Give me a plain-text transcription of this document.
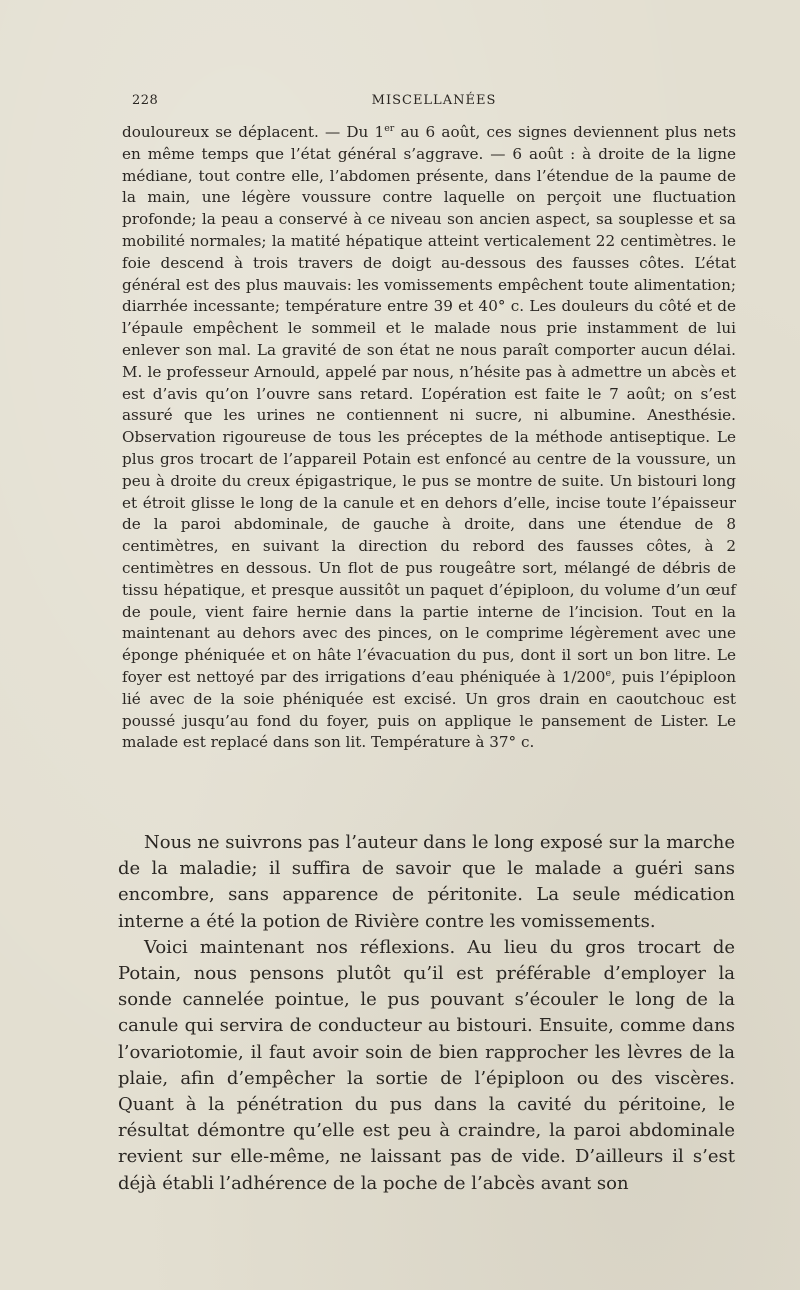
228	MISCELLANÉES

douloureux se déplacent. — Du 1er au 6 août, ces signes deviennent plus nets en même temps que l’état général s’aggrave. — 6 août : à droite de la ligne médiane, tout contre elle, l’abdomen présente, dans l’étendue de la paume de la main, une légère voussure contre laquelle on perçoit une fluctuation profonde; la peau a conservé à ce niveau son ancien aspect, sa souplesse et sa mobilité normales; la matité hépatique atteint verticalement 22 centimètres. le foie descend à trois travers de doigt au-dessous des fausses côtes. L’état général est des plus mauvais: les vomissements empêchent toute alimentation; diarrhée incessante; température entre 39 et 40° c. Les douleurs du côté et de l’épaule empêchent le sommeil et le malade nous prie instamment de lui enlever son mal. La gravité de son état ne nous paraît comporter aucun délai. M. le professeur Arnould, appelé par nous, n’hésite pas à admettre un abcès et est d’avis qu’on l’ouvre sans retard. L’opération est faite le 7 août; on s’est assuré que les urines ne contiennent ni sucre, ni albumine. Anesthésie. Observation rigoureuse de tous les préceptes de la méthode antiseptique. Le plus gros trocart de l’appareil Potain est enfoncé au centre de la voussure, un peu à droite du creux épigastrique, le pus se montre de suite. Un bistouri long et étroit glisse le long de la canule et en dehors d’elle, incise toute l’épaisseur de la paroi abdominale, de gauche à droite, dans une étendue de 8 centimètres, en suivant la direction du rebord des fausses côtes, à 2 centimètres en dessous. Un flot de pus rougeâtre sort, mélangé de débris de tissu hépatique, et presque aussitôt un paquet d’épiploon, du volume d’un œuf de poule, vient faire hernie dans la partie interne de l’incision. Tout en la maintenant au dehors avec des pinces, on le comprime légèrement avec une éponge phéniquée et on hâte l’évacuation du pus, dont il sort un bon litre. Le foyer est nettoyé par des irrigations d’eau phéniquée à 1/200e, puis l’épiploon lié avec de la soie phéniquée est excisé. Un gros drain en caoutchouc est poussé jusqu’au fond du foyer, puis on applique le pansement de Lister. Le malade est replacé dans son lit. Température à 37° c.

Nous ne suivrons pas l’auteur dans le long exposé sur la marche de la maladie; il suffira de savoir que le malade a guéri sans encombre, sans apparence de péritonite. La seule médication interne a été la potion de Rivière contre les vomissements.

Voici maintenant nos réflexions. Au lieu du gros trocart de Potain, nous pensons plutôt qu’il est préférable d’employer la sonde cannelée pointue, le pus pouvant s’écouler le long de la canule qui servira de conducteur au bistouri. Ensuite, comme dans l’ovariotomie, il faut avoir soin de bien rapprocher les lèvres de la plaie, afin d’empêcher la sortie de l’épiploon ou des viscères. Quant à la pénétration du pus dans la cavité du péritoine, le résultat démontre qu’elle est peu à craindre, la paroi abdominale revient sur elle-même, ne laissant pas de vide. D’ailleurs il s’est déjà établi l’adhérence de la poche de l’abcès avant son
